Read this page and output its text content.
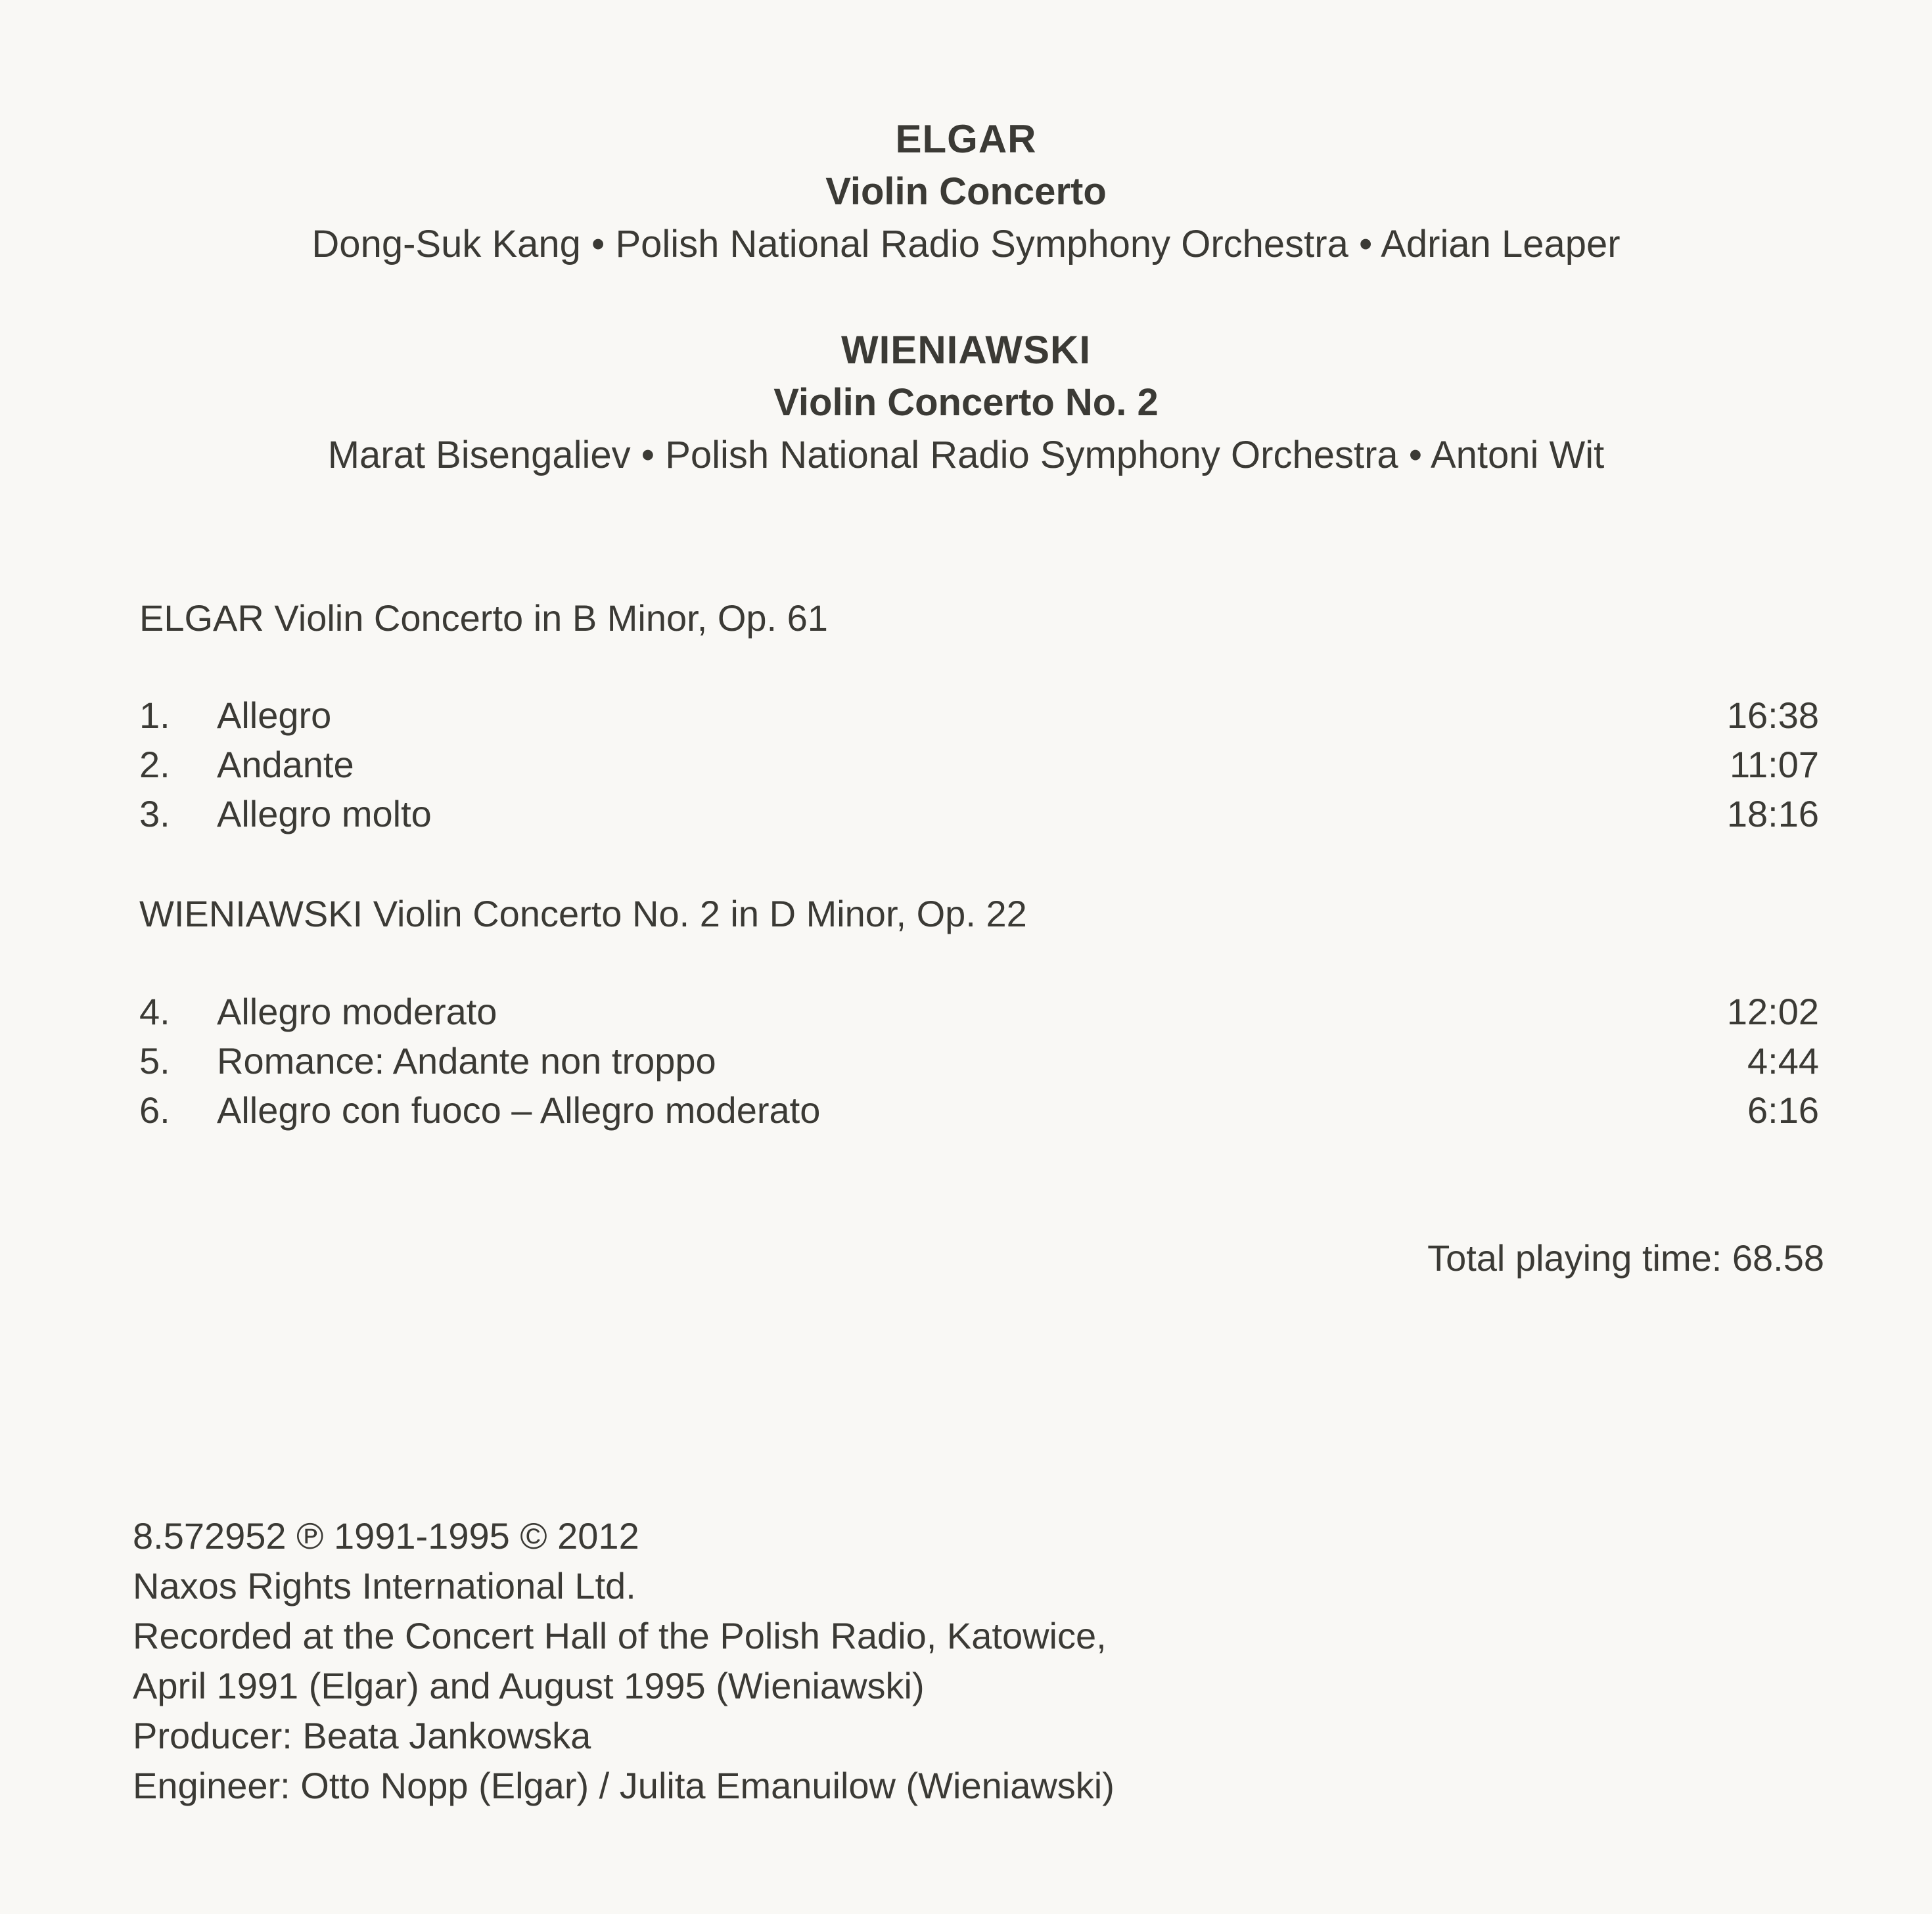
ELGAR
Violin Concerto
Dong-Suk Kang • Polish National Radio Symphony Orchestra • Adrian Leaper
WIENIAWSKI
Violin Concerto No. 2
Marat Bisengaliev • Polish National Radio Symphony Orchestra • Antoni Wit
ELGAR Violin Concerto in B Minor, Op. 61
1.	Allegro	16:38
2.	Andante	11:07
3.	Allegro molto	18:16
WIENIAWSKI Violin Concerto No. 2 in D Minor, Op. 22
4.	Allegro moderato	12:02
5.	Romance: Andante non troppo	4:44
6.	Allegro con fuoco – Allegro moderato	6:16
Total playing time: 68.58
8.572952 ℗ 1991-1995 © 2012
Naxos Rights International Ltd.
Recorded at the Concert Hall of the Polish Radio, Katowice,
April 1991 (Elgar) and August 1995 (Wieniawski)
Producer: Beata Jankowska
Engineer: Otto Nopp (Elgar) / Julita Emanuilow (Wieniawski)
